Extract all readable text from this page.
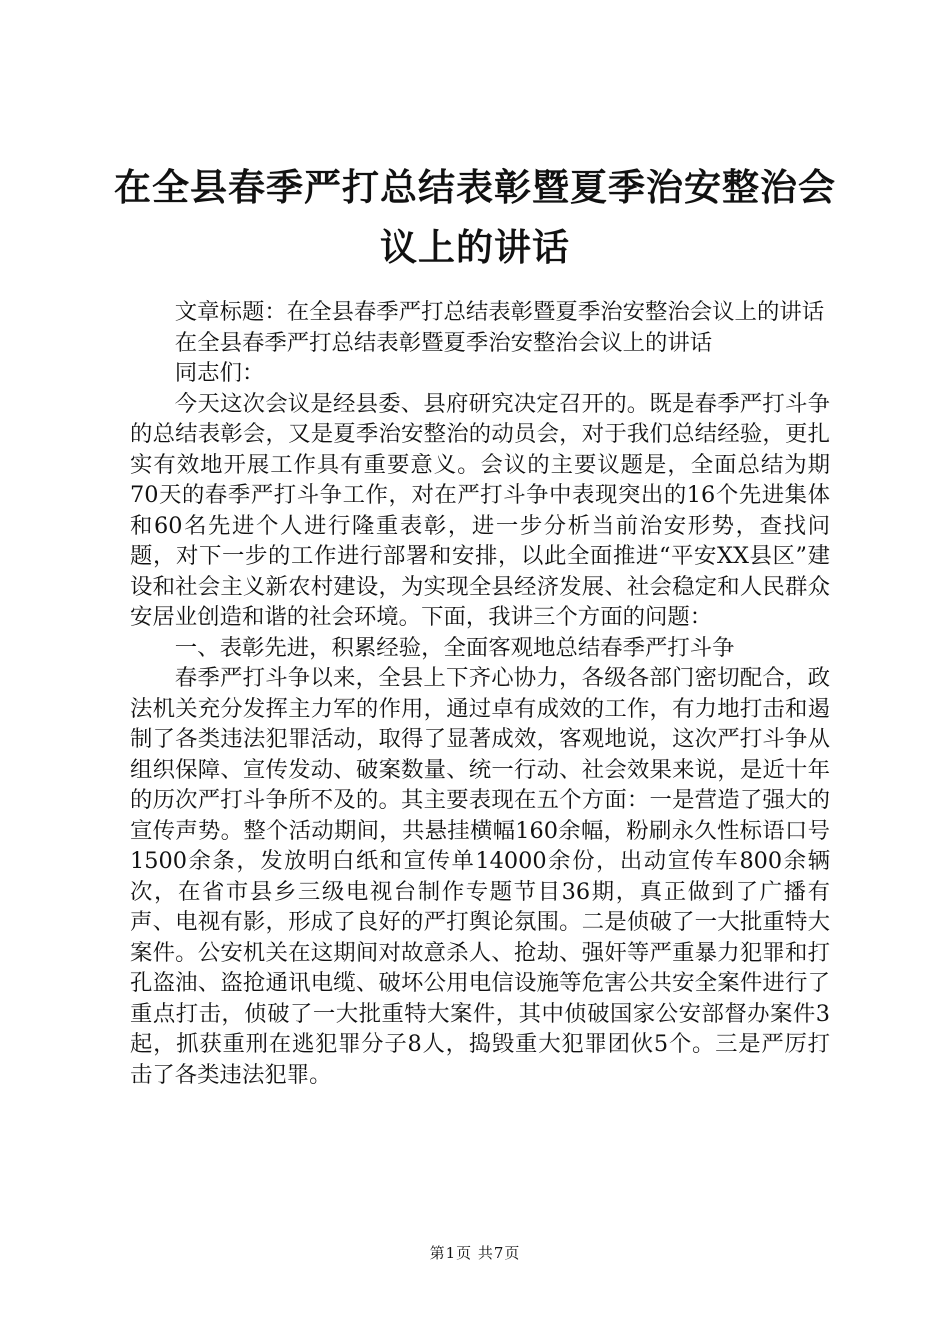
在全县春季严打总结表彰暨夏季治安整治会议上的讲话

文章标题：在全县春季严打总结表彰暨夏季治安整治会议上的讲话

在全县春季严打总结表彰暨夏季治安整治会议上的讲话

同志们：

今天这次会议是经县委、县府研究决定召开的。既是春季严打斗争的总结表彰会，又是夏季治安整治的动员会，对于我们总结经验，更扎实有效地开展工作具有重要意义。会议的主要议题是，全面总结为期70天的春季严打斗争工作，对在严打斗争中表现突出的16个先进集体和60名先进个人进行隆重表彰，进一步分析当前治安形势，查找问题，对下一步的工作进行部署和安排，以此全面推进“平安XX县区”建设和社会主义新农村建设，为实现全县经济发展、社会稳定和人民群众安居业创造和谐的社会环境。下面，我讲三个方面的问题：

一、表彰先进，积累经验，全面客观地总结春季严打斗争

春季严打斗争以来，全县上下齐心协力，各级各部门密切配合，政法机关充分发挥主力军的作用，通过卓有成效的工作，有力地打击和遏制了各类违法犯罪活动，取得了显著成效，客观地说，这次严打斗争从组织保障、宣传发动、破案数量、统一行动、社会效果来说，是近十年的历次严打斗争所不及的。其主要表现在五个方面：一是营造了强大的宣传声势。整个活动期间，共悬挂横幅160余幅，粉刷永久性标语口号1500余条，发放明白纸和宣传单14000余份，出动宣传车800余辆次，在省市县乡三级电视台制作专题节目36期，真正做到了广播有声、电视有影，形成了良好的严打舆论氛围。二是侦破了一大批重特大案件。公安机关在这期间对故意杀人、抢劫、强奸等严重暴力犯罪和打孔盗油、盗抢通讯电缆、破坏公用电信设施等危害公共安全案件进行了重点打击，侦破了一大批重特大案件，其中侦破国家公安部督办案件3起，抓获重刑在逃犯罪分子8人，捣毁重大犯罪团伙5个。三是严厉打击了各类违法犯罪。

第1页 共7页
